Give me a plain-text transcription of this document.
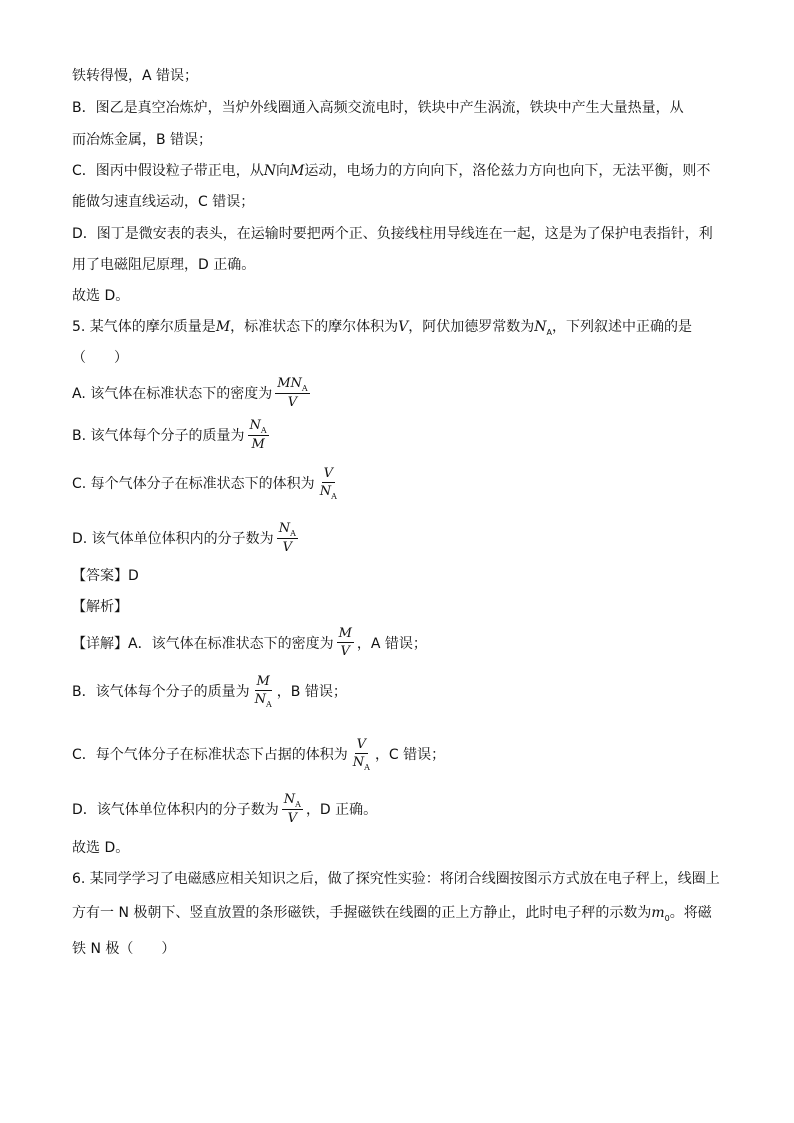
铁转得慢，A 错误；
B．图乙是真空冶炼炉，当炉外线圈通入高频交流电时，铁块中产生涡流，铁块中产生大量热量，从
而冶炼金属，B 错误；
C．图丙中假设粒子带正电，从N向M运动，电场力的方向向下，洛伦兹力方向也向下，无法平衡，则不
能做匀速直线运动，C 错误；
D．图丁是微安表的表头，在运输时要把两个正、负接线柱用导线连在一起，这是为了保护电表指针，利
用了电磁阻尼原理，D 正确。
故选 D。
5. 某气体的摩尔质量是M，标准状态下的摩尔体积为V，阿伏加德罗常数为$N_A$，下列叙述中正确的是
（　　）
A. 该气体在标准状态下的密度为 $\frac{MN_A}{V}$
B. 该气体每个分子的质量为 $\frac{N_A}{M}$
C. 每个气体分子在标准状态下的体积为 $\frac{V}{N_A}$
D. 该气体单位体积内的分子数为 $\frac{N_A}{V}$
【答案】D
【解析】
【详解】A．该气体在标准状态下的密度为 $\frac{M}{V}$ ，A 错误；
B．该气体每个分子的质量为 $\frac{M}{N_A}$ ，B 错误；
C．每个气体分子在标准状态下占据的体积为 $\frac{V}{N_A}$ ，C 错误；
D．该气体单位体积内的分子数为 $\frac{N_A}{V}$ ，D 正确。
故选 D。
6. 某同学学习了电磁感应相关知识之后，做了探究性实验：将闭合线圈按图示方式放在电子秤上，线圈上
方有一 N 极朝下、竖直放置的条形磁铁，手握磁铁在线圈的正上方静止，此时电子秤的示数为$m_0$。将磁
铁 N 极（　　）
